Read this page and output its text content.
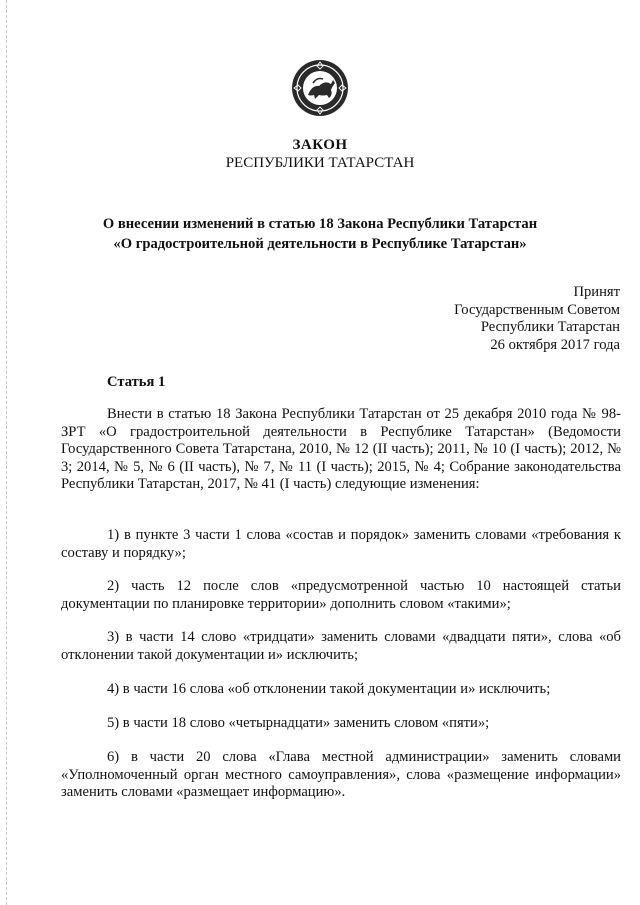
ЗАКОН
РЕСПУБЛИКИ ТАТАРСТАН
О внесении изменений в статью 18 Закона Республики Татарстан
«О градостроительной деятельности в Республике Татарстан»
Принят
Государственным Советом
Республики Татарстан
26 октября 2017 года
Статья 1
Внести в статью 18 Закона Республики Татарстан от 25 декабря 2010 года № 98-ЗРТ «О градостроительной деятельности в Республике Татарстан» (Ведомости Государственного Совета Татарстана, 2010, № 12 (II часть); 2011, № 10 (I часть); 2012, № 3; 2014, № 5, № 6 (II часть), № 7, № 11 (I часть); 2015, № 4; Собрание законодательства Республики Татарстан, 2017, № 41 (I часть) следующие изменения:
1) в пункте 3 части 1 слова «состав и порядок» заменить словами «требования к составу и порядку»;
2) часть 12 после слов «предусмотренной частью 10 настоящей статьи документации по планировке территории» дополнить словом «такими»;
3) в части 14 слово «тридцати» заменить словами «двадцати пяти», слова «об отклонении такой документации и» исключить;
4) в части 16 слова «об отклонении такой документации и» исключить;
5) в части 18 слово «четырнадцати» заменить словом «пяти»;
6) в части 20 слова «Глава местной администрации» заменить словами «Уполномоченный орган местного самоуправления», слова «размещение информации» заменить словами «размещает информацию».
